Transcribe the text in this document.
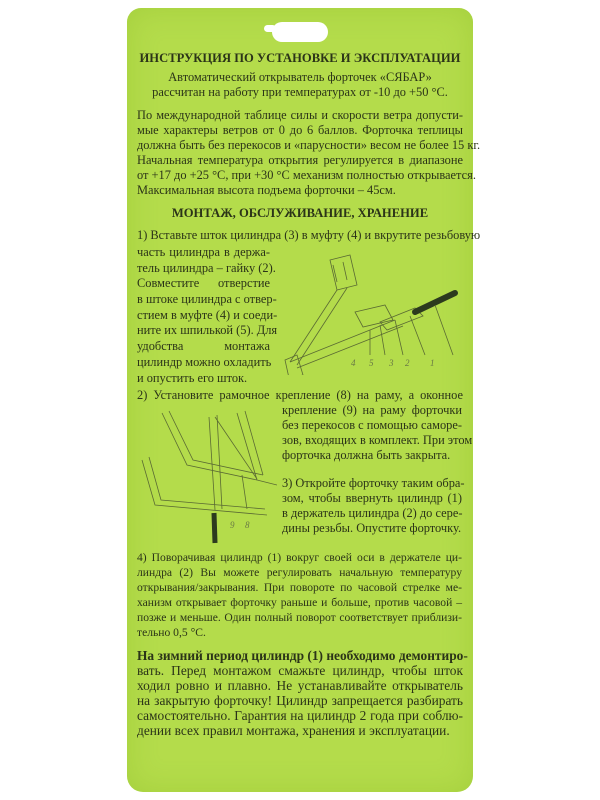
ИНСТРУКЦИЯ ПО УСТАНОВКЕ И ЭКСПЛУАТАЦИИ
Автоматический открыватель форточек «СЯБАР»
рассчитан на работу при температурах от -10 до +50 °С.
По международной таблице силы и скорости ветра допусти-
мые характеры ветров от 0 до 6 баллов. Форточка теплицы
должна быть без перекосов и «парусности» весом не более 15 кг.
Начальная температура открытия регулируется в диапазоне
от +17 до +25 °С, при +30 °С механизм полностью открывается.
Максимальная высота подъема форточки – 45см.
МОНТАЖ, ОБСЛУЖИВАНИЕ, ХРАНЕНИЕ
1) Вставьте шток цилиндра (3) в муфту (4) и вкрутите резьбовую
часть цилиндра в держа-
тель цилиндра – гайку (2).
Совместите отверстие
в штоке цилиндра с отвер-
стием в муфте (4) и соеди-
ните их шпилькой (5). Для
удобства монтажа
цилиндр можно охладить
и опустить его шток.
4 5 3 2 1
2) Установите рамочное крепление (8) на раму, а оконное
крепление (9) на раму форточки
без перекосов с помощью саморе-
зов, входящих в комплект. При этом
форточка должна быть закрыта.
3) Откройте форточку таким обра-
зом, чтобы ввернуть цилиндр (1)
в держатель цилиндра (2) до сере-
дины резьбы. Опустите форточку.
9 8
4) Поворачивая цилиндр (1) вокруг своей оси в держателе ци-
линдра (2) Вы можете регулировать начальную температуру
открывания/закрывания. При повороте по часовой стрелке ме-
ханизм открывает форточку раньше и больше, против часовой –
позже и меньше. Один полный поворот соответствует приблизи-
тельно 0,5 °С.
На зимний период цилиндр (1) необходимо демонтиро-
вать. Перед монтажом смажьте цилиндр, чтобы шток
ходил ровно и плавно. Не устанавливайте открыватель
на закрытую форточку! Цилиндр запрещается разбирать
самостоятельно. Гарантия на цилиндр 2 года при соблю-
дении всех правил монтажа, хранения и эксплуатации.
